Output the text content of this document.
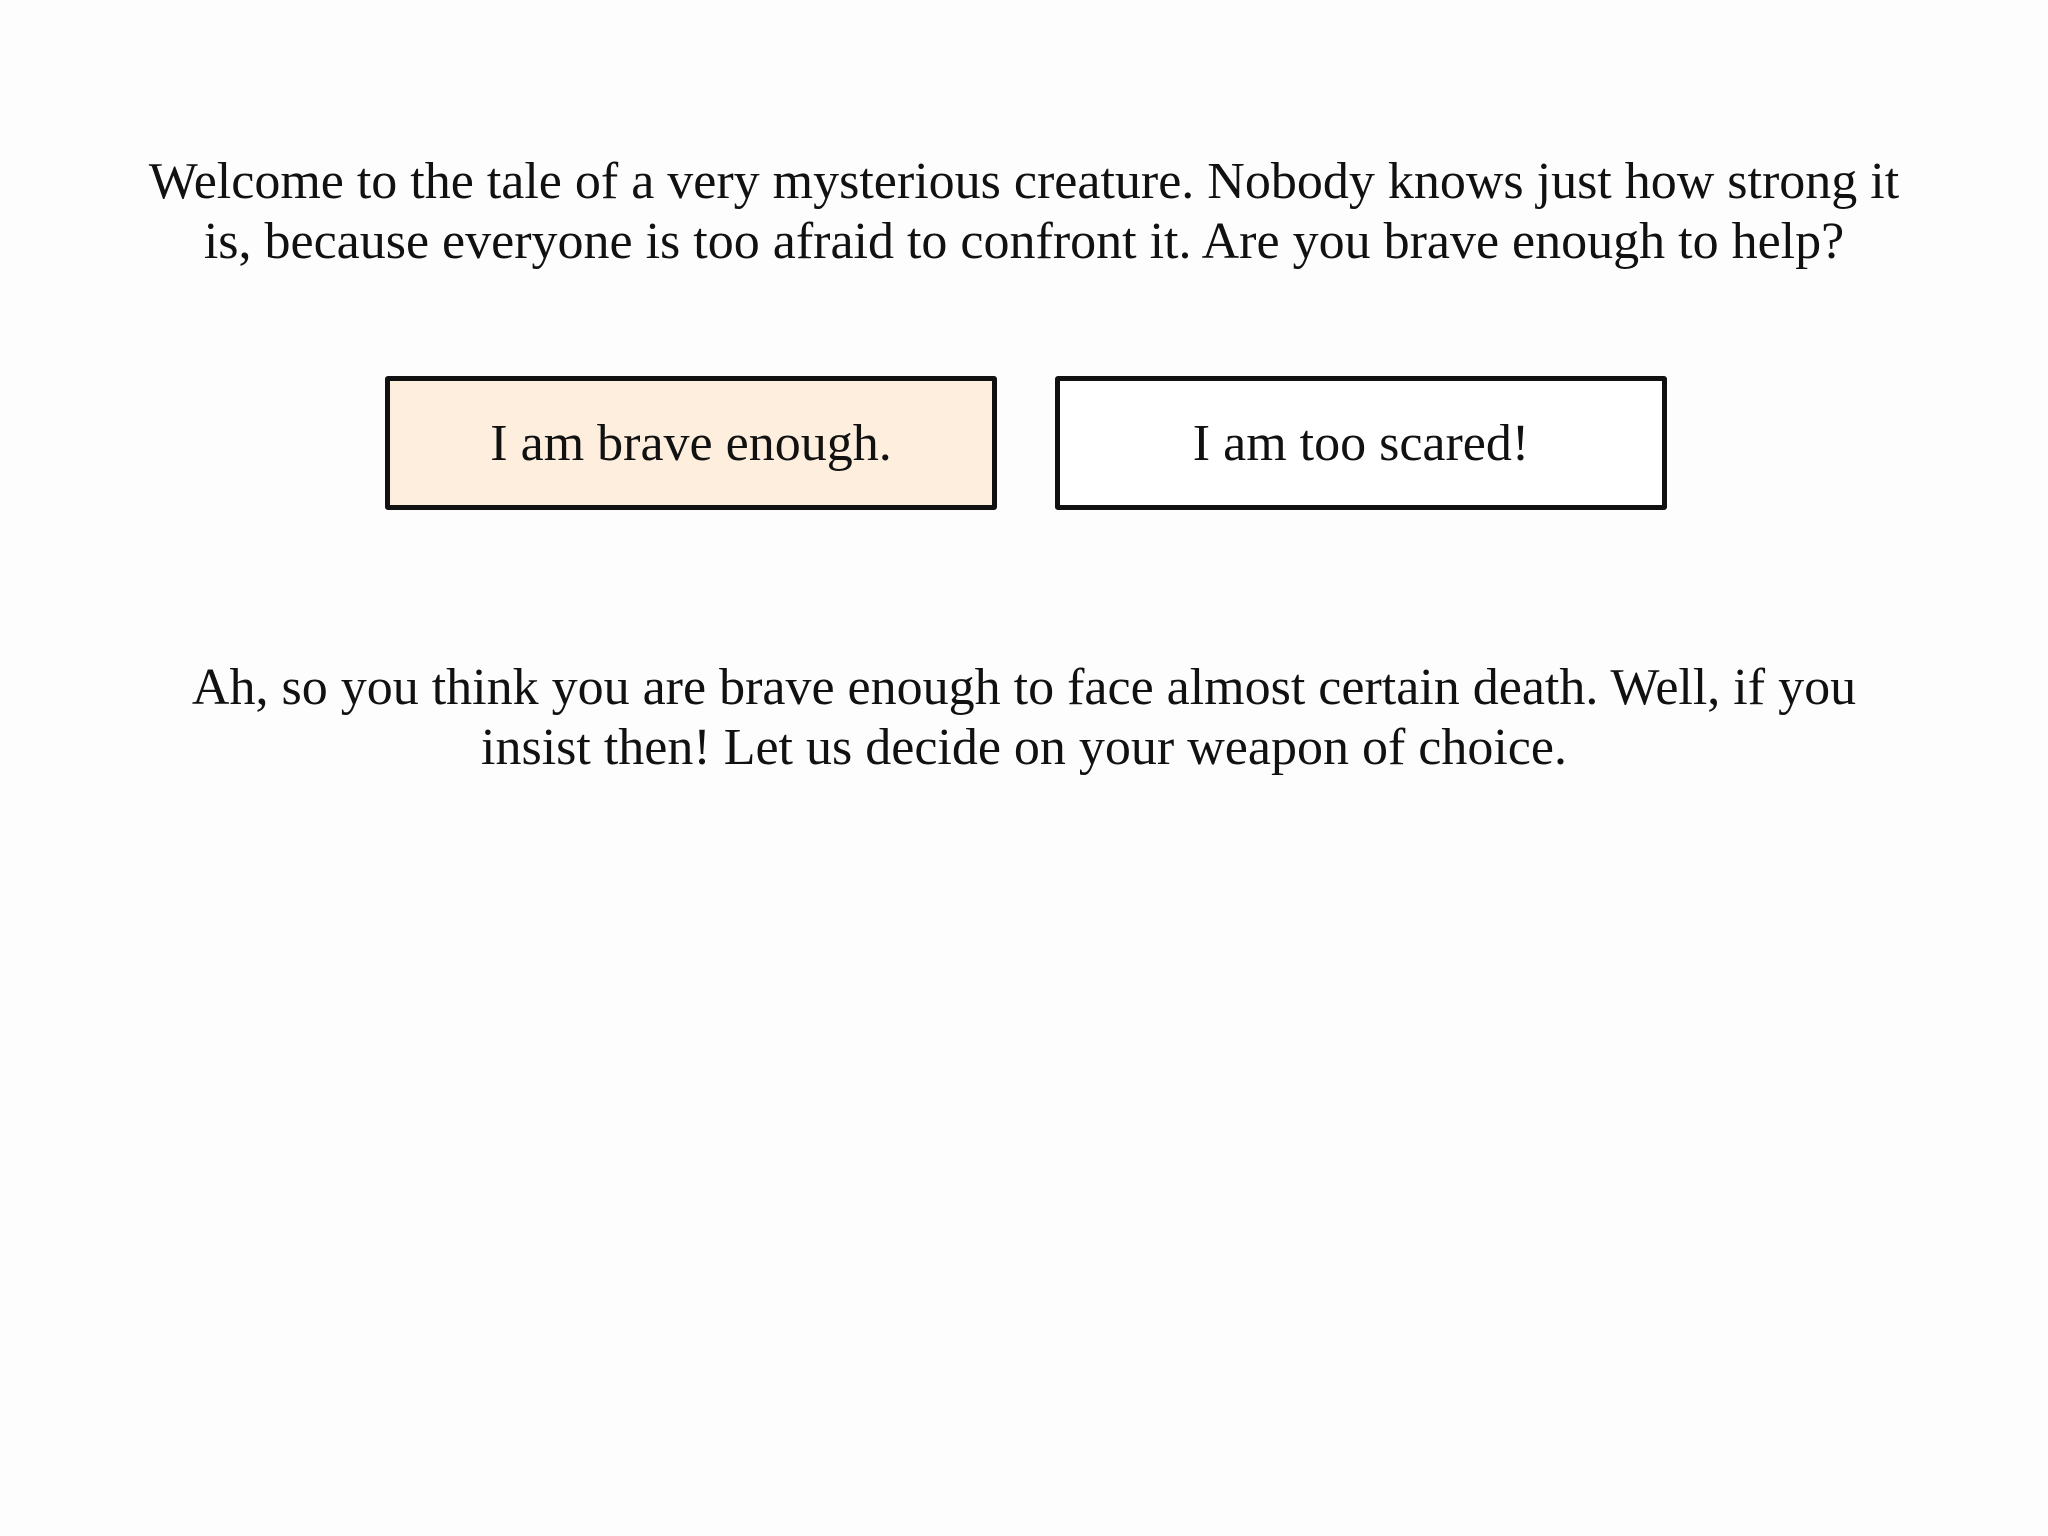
Welcome to the tale of a very mysterious creature. Nobody knows just how strong it is, because everyone is too afraid to confront it. Are you brave enough to help?

I am brave enough.	I am too scared!

Ah, so you think you are brave enough to face almost certain death. Well, if you insist then! Let us decide on your weapon of choice.
